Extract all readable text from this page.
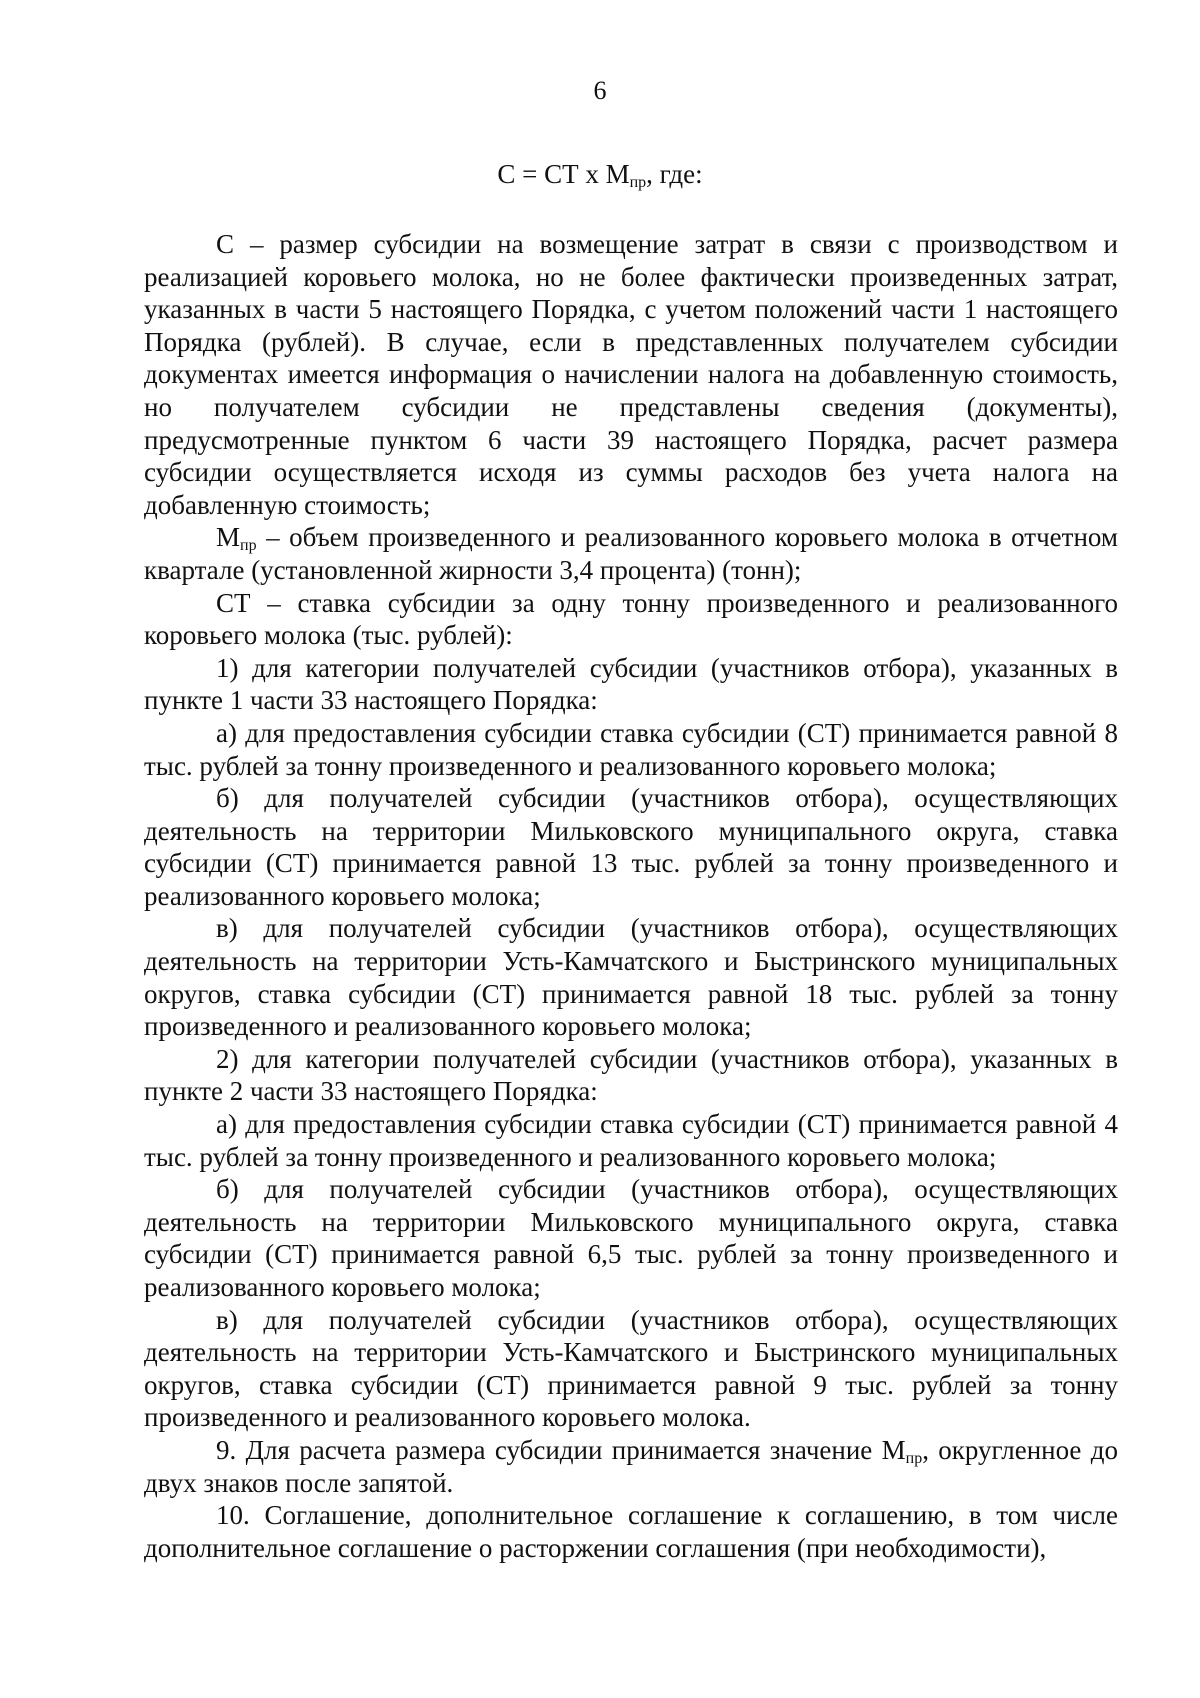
6
С = СТ х $М_{пр}$, где:

С – размер субсидии на возмещение затрат в связи с производством и реализацией коровьего молока, но не более фактически произведенных затрат, указанных в части 5 настоящего Порядка, с учетом положений части 1 настоящего Порядка (рублей). В случае, если в представленных получателем субсидии документах имеется информация о начислении налога на добавленную стоимость, но получателем субсидии не представлены сведения (документы), предусмотренные пунктом 6 части 39 настоящего Порядка, расчет размера субсидии осуществляется исходя из суммы расходов без учета налога на добавленную стоимость;

$М_{пр}$ – объем произведенного и реализованного коровьего молока в отчетном квартале (установленной жирности 3,4 процента) (тонн);

СТ – ставка субсидии за одну тонну произведенного и реализованного коровьего молока (тыс. рублей):

1) для категории получателей субсидии (участников отбора), указанных в пункте 1 части 33 настоящего Порядка:

а) для предоставления субсидии ставка субсидии (СТ) принимается равной 8 тыс. рублей за тонну произведенного и реализованного коровьего молока;

б) для получателей субсидии (участников отбора), осуществляющих деятельность на территории Мильковского муниципального округа, ставка субсидии (СТ) принимается равной 13 тыс. рублей за тонну произведенного и реализованного коровьего молока;

в) для получателей субсидии (участников отбора), осуществляющих деятельность на территории Усть-Камчатского и Быстринского муниципальных округов, ставка субсидии (СТ) принимается равной 18 тыс. рублей за тонну произведенного и реализованного коровьего молока;

2) для категории получателей субсидии (участников отбора), указанных в пункте 2 части 33 настоящего Порядка:

а) для предоставления субсидии ставка субсидии (СТ) принимается равной 4 тыс. рублей за тонну произведенного и реализованного коровьего молока;

б) для получателей субсидии (участников отбора), осуществляющих деятельность на территории Мильковского муниципального округа, ставка субсидии (СТ) принимается равной 6,5 тыс. рублей за тонну произведенного и реализованного коровьего молока;

в) для получателей субсидии (участников отбора), осуществляющих деятельность на территории Усть-Камчатского и Быстринского муниципальных округов, ставка субсидии (СТ) принимается равной 9 тыс. рублей за тонну произведенного и реализованного коровьего молока.

9. Для расчета размера субсидии принимается значение $М_{пр}$, округленное до двух знаков после запятой.

10. Соглашение, дополнительное соглашение к соглашению, в том числе дополнительное соглашение о расторжении соглашения (при необходимости),
